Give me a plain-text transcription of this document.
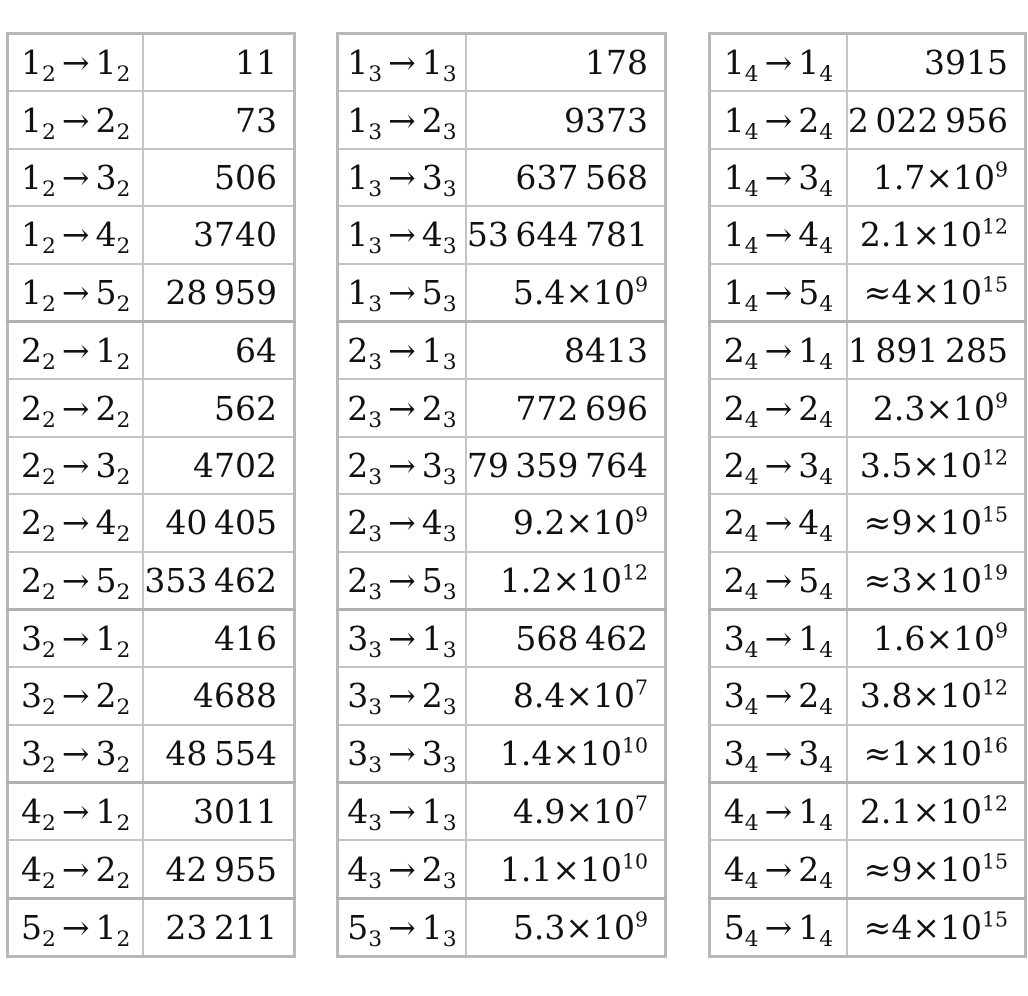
$1_2 \to 1_2$	11
$1_2 \to 2_2$	73
$1_2 \to 3_2$	506
$1_2 \to 4_2$	3740
$1_2 \to 5_2$	28 959
$2_2 \to 1_2$	64
$2_2 \to 2_2$	562
$2_2 \to 3_2$	4702
$2_2 \to 4_2$	40 405
$2_2 \to 5_2$	353 462
$3_2 \to 1_2$	416
$3_2 \to 2_2$	4688
$3_2 \to 3_2$	48 554
$4_2 \to 1_2$	3011
$4_2 \to 2_2$	42 955
$5_2 \to 1_2$	23 211
$1_3 \to 1_3$	178
$1_3 \to 2_3$	9373
$1_3 \to 3_3$	637 568
$1_3 \to 4_3$	53 644 781
$1_3 \to 5_3$	$5.4\times 10^9$
$2_3 \to 1_3$	8413
$2_3 \to 2_3$	772 696
$2_3 \to 3_3$	79 359 764
$2_3 \to 4_3$	$9.2\times 10^9$
$2_3 \to 5_3$	$1.2\times 10^{12}$
$3_3 \to 1_3$	568 462
$3_3 \to 2_3$	$8.4\times 10^7$
$3_3 \to 3_3$	$1.4\times 10^{10}$
$4_3 \to 1_3$	$4.9\times 10^7$
$4_3 \to 2_3$	$1.1\times 10^{10}$
$5_3 \to 1_3$	$5.3\times 10^9$
$1_4 \to 1_4$	3915
$1_4 \to 2_4$	2 022 956
$1_4 \to 3_4$	$1.7\times 10^9$
$1_4 \to 4_4$	$2.1\times 10^{12}$
$1_4 \to 5_4$	$\approx 4\times 10^{15}$
$2_4 \to 1_4$	1 891 285
$2_4 \to 2_4$	$2.3\times 10^9$
$2_4 \to 3_4$	$3.5\times 10^{12}$
$2_4 \to 4_4$	$\approx 9\times 10^{15}$
$2_4 \to 5_4$	$\approx 3\times 10^{19}$
$3_4 \to 1_4$	$1.6\times 10^9$
$3_4 \to 2_4$	$3.8\times 10^{12}$
$3_4 \to 3_4$	$\approx 1\times 10^{16}$
$4_4 \to 1_4$	$2.1\times 10^{12}$
$4_4 \to 2_4$	$\approx 9\times 10^{15}$
$5_4 \to 1_4$	$\approx 4\times 10^{15}$
